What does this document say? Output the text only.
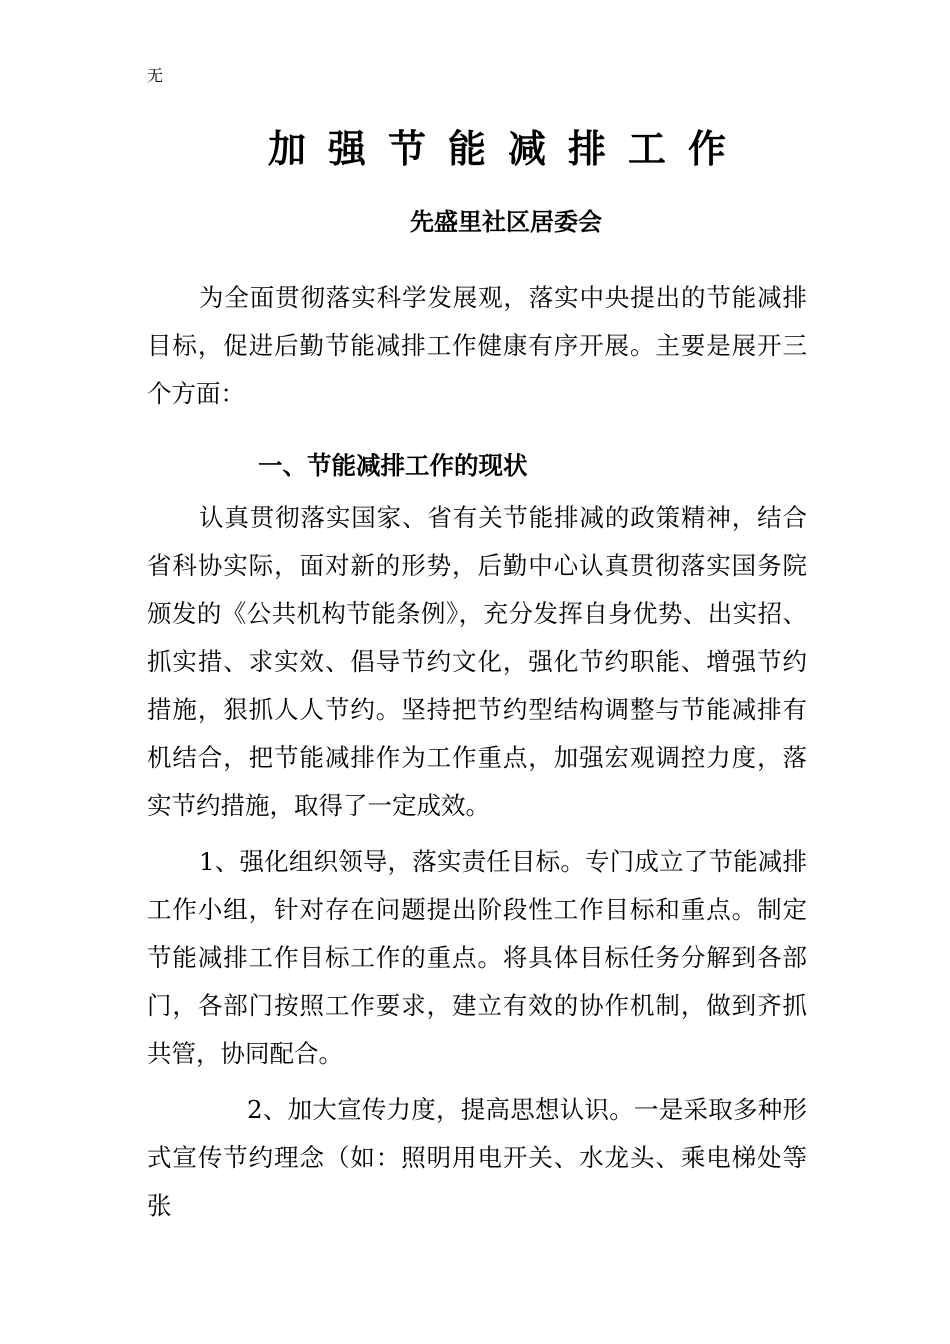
无
加强节能减排工作
先盛里社区居委会

为全面贯彻落实科学发展观，落实中央提出的节能减排目标，促进后勤节能减排工作健康有序开展。主要是展开三个方面：

一、节能减排工作的现状

认真贯彻落实国家、省有关节能排减的政策精神，结合省科协实际，面对新的形势，后勤中心认真贯彻落实国务院颁发的《公共机构节能条例》，充分发挥自身优势、出实招、抓实措、求实效、倡导节约文化，强化节约职能、增强节约措施，狠抓人人节约。坚持把节约型结构调整与节能减排有机结合，把节能减排作为工作重点，加强宏观调控力度，落实节约措施，取得了一定成效。

1、强化组织领导，落实责任目标。专门成立了节能减排工作小组，针对存在问题提出阶段性工作目标和重点。制定节能减排工作目标工作的重点。将具体目标任务分解到各部门，各部门按照工作要求，建立有效的协作机制，做到齐抓共管，协同配合。

2、加大宣传力度，提高思想认识。一是采取多种形式宣传节约理念（如：照明用电开关、水龙头、乘电梯处等张
